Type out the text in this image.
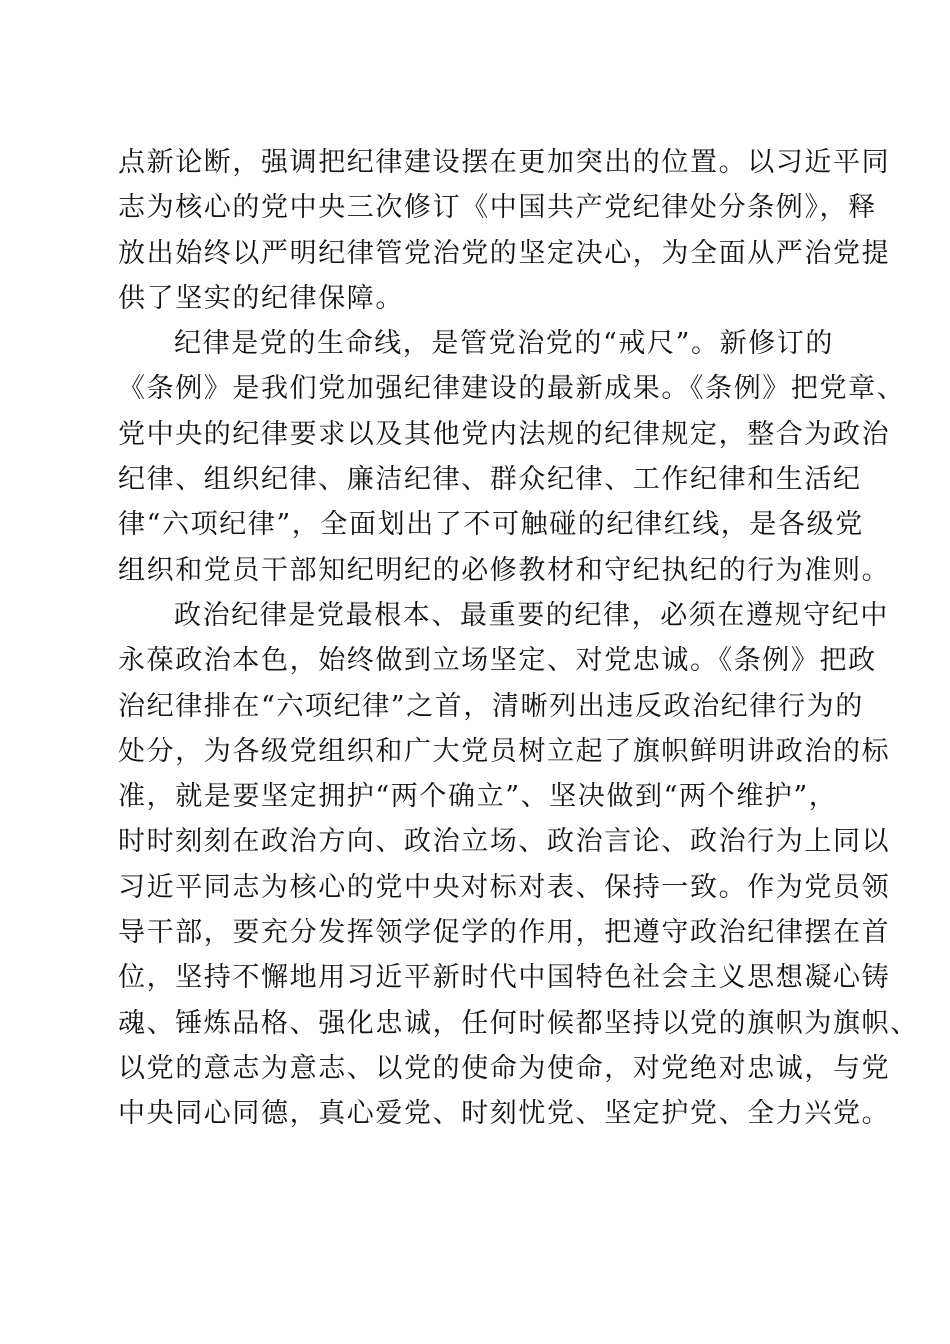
点新论断，强调把纪律建设摆在更加突出的位置。以习近平同
志为核心的党中央三次修订《中国共产党纪律处分条例》，释
放出始终以严明纪律管党治党的坚定决心，为全面从严治党提
供了坚实的纪律保障。
纪律是党的生命线，是管党治党的“戒尺”。新修订的
《条例》是我们党加强纪律建设的最新成果。《条例》把党章、
党中央的纪律要求以及其他党内法规的纪律规定，整合为政治
纪律、组织纪律、廉洁纪律、群众纪律、工作纪律和生活纪
律“六项纪律”，全面划出了不可触碰的纪律红线，是各级党
组织和党员干部知纪明纪的必修教材和守纪执纪的行为准则。
政治纪律是党最根本、最重要的纪律，必须在遵规守纪中
永葆政治本色，始终做到立场坚定、对党忠诚。《条例》把政
治纪律排在“六项纪律”之首，清晰列出违反政治纪律行为的
处分，为各级党组织和广大党员树立起了旗帜鲜明讲政治的标
准，就是要坚定拥护“两个确立”、坚决做到“两个维护”，
时时刻刻在政治方向、政治立场、政治言论、政治行为上同以
习近平同志为核心的党中央对标对表、保持一致。作为党员领
导干部，要充分发挥领学促学的作用，把遵守政治纪律摆在首
位，坚持不懈地用习近平新时代中国特色社会主义思想凝心铸
魂、锤炼品格、强化忠诚，任何时候都坚持以党的旗帜为旗帜、
以党的意志为意志、以党的使命为使命，对党绝对忠诚，与党
中央同心同德，真心爱党、时刻忧党、坚定护党、全力兴党。
